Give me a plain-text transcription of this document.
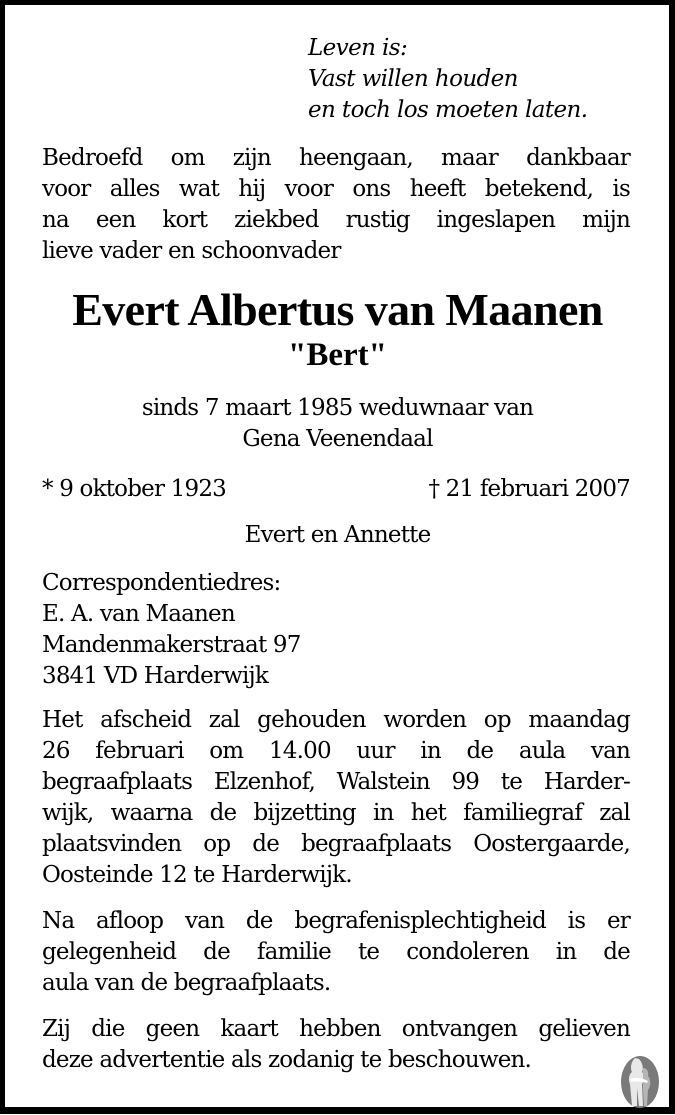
Leven is:
Vast willen houden
en toch los moeten laten.
Bedroefd om zijn heengaan, maar dankbaar
voor alles wat hij voor ons heeft betekend, is
na een kort ziekbed rustig ingeslapen mijn
lieve vader en schoonvader
Evert Albertus van Maanen
"Bert"
sinds 7 maart 1985 weduwnaar van
Gena Veenendaal
* 9 oktober 1923	† 21 februari 2007
Evert en Annette
Correspondentiedres:
E. A. van Maanen
Mandenmakerstraat 97
3841 VD Harderwijk
Het afscheid zal gehouden worden op maandag
26 februari om 14.00 uur in de aula van
begraafplaats Elzenhof, Walstein 99 te Harder-
wijk, waarna de bijzetting in het familiegraf zal
plaatsvinden op de begraafplaats Oostergaarde,
Oosteinde 12 te Harderwijk.
Na afloop van de begrafenisplechtigheid is er
gelegenheid de familie te condoleren in de
aula van de begraafplaats.
Zij die geen kaart hebben ontvangen gelieven
deze advertentie als zodanig te beschouwen.
